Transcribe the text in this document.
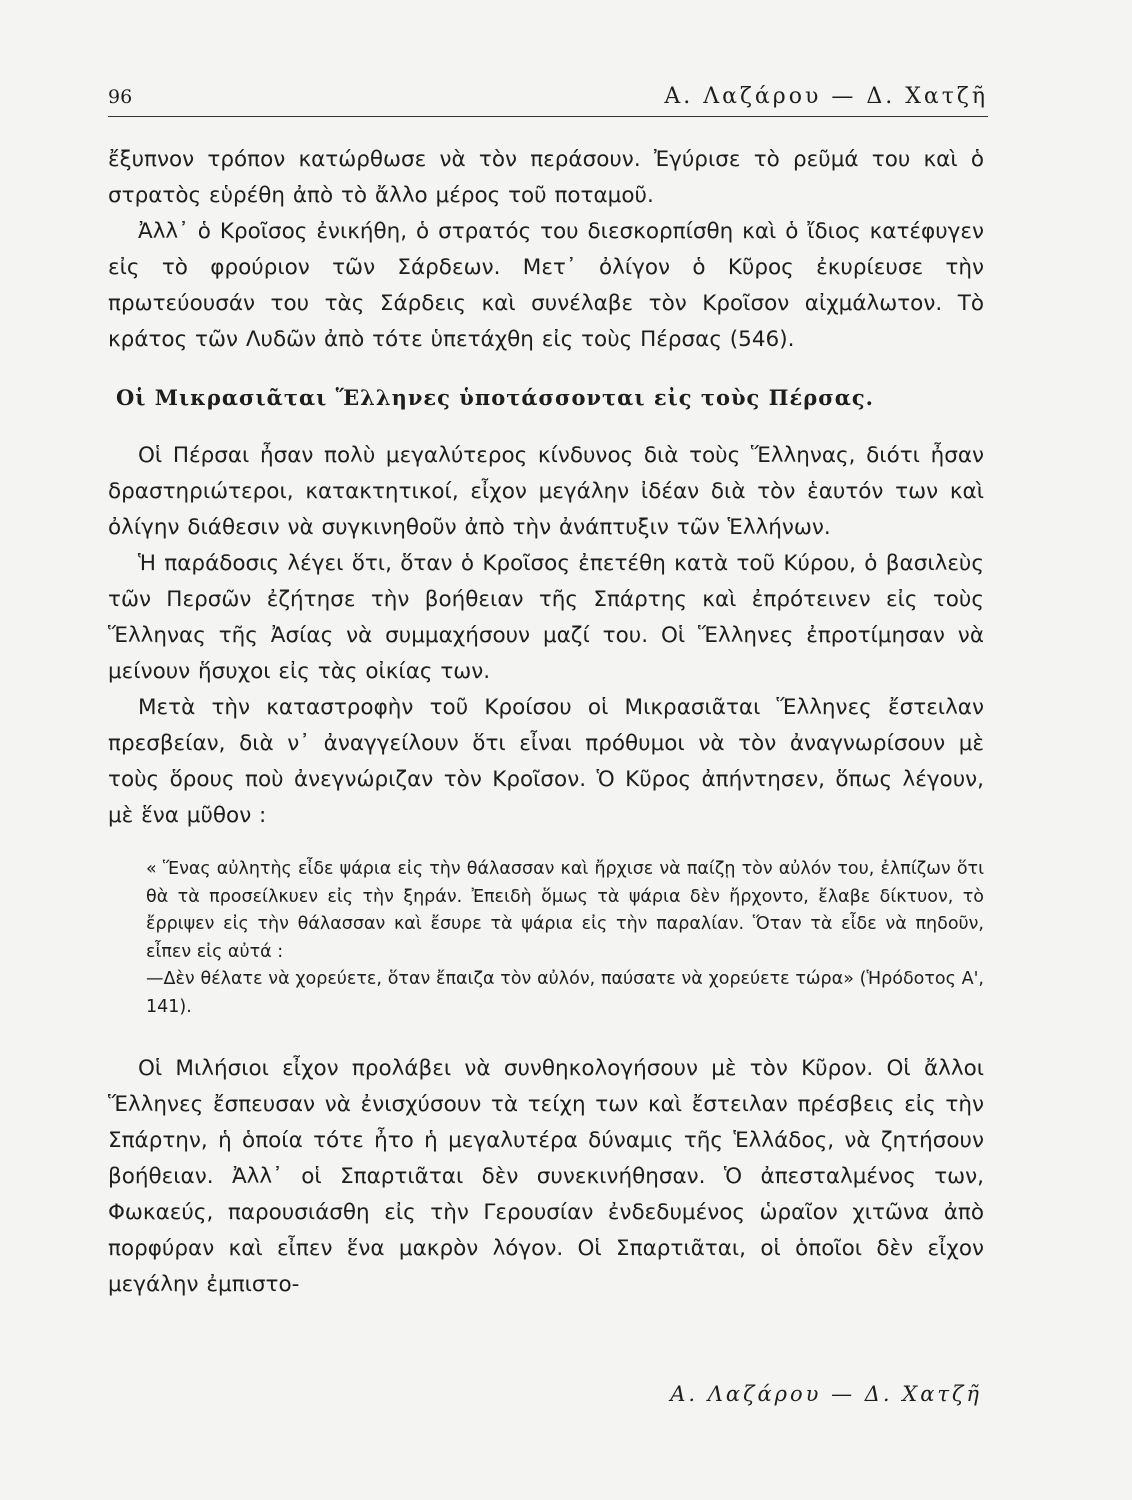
96	Α. Λαζάρου — Δ. Χατζῆ

ἔξυπνον τρόπον κατώρθωσε νὰ τὸν περάσουν. Ἐγύρισε τὸ ρεῦμά του καὶ ὁ στρατὸς εὑρέθη ἀπὸ τὸ ἄλλο μέρος τοῦ ποταμοῦ.

Ἀλλ᾽ ὁ Κροῖσος ἐνικήθη, ὁ στρατός του διεσκορπίσθη καὶ ὁ ἴδιος κατέφυγεν εἰς τὸ φρούριον τῶν Σάρδεων. Μετ᾽ ὀλίγον ὁ Κῦρος ἐκυρίευσε τὴν πρωτεύουσάν του τὰς Σάρδεις καὶ συνέλαβε τὸν Κροῖσον αἰχμάλωτον. Τὸ κράτος τῶν Λυδῶν ἀπὸ τότε ὑπετάχθη εἰς τοὺς Πέρσας (546).

Οἱ Μικρασιᾶται Ἕλληνες ὑποτάσσονται εἰς τοὺς Πέρσας.

Οἱ Πέρσαι ἦσαν πολὺ μεγαλύτερος κίνδυνος διὰ τοὺς Ἕλληνας, διότι ἦσαν δραστηριώτεροι, κατακτητικοί, εἶχον μεγάλην ἰδέαν διὰ τὸν ἑαυτόν των καὶ ὀλίγην διάθεσιν νὰ συγκινηθοῦν ἀπὸ τὴν ἀνάπτυξιν τῶν Ἑλλήνων.

Ἡ παράδοσις λέγει ὅτι, ὅταν ὁ Κροῖσος ἐπετέθη κατὰ τοῦ Κύρου, ὁ βασιλεὺς τῶν Περσῶν ἐζήτησε τὴν βοήθειαν τῆς Σπάρτης καὶ ἐπρότεινεν εἰς τοὺς Ἕλληνας τῆς Ἀσίας νὰ συμμαχήσουν μαζί του. Οἱ Ἕλληνες ἐπροτίμησαν νὰ μείνουν ἥσυχοι εἰς τὰς οἰκίας των.

Μετὰ τὴν καταστροφὴν τοῦ Κροίσου οἱ Μικρασιᾶται Ἕλληνες ἔστειλαν πρεσβείαν, διὰ ν᾽ ἀναγγείλουν ὅτι εἶναι πρόθυμοι νὰ τὸν ἀναγνωρίσουν μὲ τοὺς ὅρους ποὺ ἀνεγνώριζαν τὸν Κροῖσον. Ὁ Κῦρος ἀπήντησεν, ὅπως λέγουν, μὲ ἕνα μῦθον :

« Ἕνας αὐλητὴς εἶδε ψάρια εἰς τὴν θάλασσαν καὶ ἤρχισε νὰ παίζῃ τὸν αὐλόν του, ἐλπίζων ὅτι θὰ τὰ προσείλκυεν εἰς τὴν ξηράν. Ἐπειδὴ ὅμως τὰ ψάρια δὲν ἤρχοντο, ἔλαβε δίκτυον, τὸ ἔρριψεν εἰς τὴν θάλασσαν καὶ ἔσυρε τὰ ψάρια εἰς τὴν παραλίαν. Ὅταν τὰ εἶδε νὰ πηδοῦν, εἶπεν εἰς αὐτά :

—Δὲν θέλατε νὰ χορεύετε, ὅταν ἔπαιζα τὸν αὐλόν, παύσατε νὰ χορεύετε τώρα» (Ἡρόδοτος Α', 141).

Οἱ Μιλήσιοι εἶχον προλάβει νὰ συνθηκολογήσουν μὲ τὸν Κῦρον. Οἱ ἄλλοι Ἕλληνες ἔσπευσαν νὰ ἐνισχύσουν τὰ τείχη των καὶ ἔστειλαν πρέσβεις εἰς τὴν Σπάρτην, ἡ ὁποία τότε ἦτο ἡ μεγαλυτέρα δύναμις τῆς Ἑλλάδος, νὰ ζητήσουν βοήθειαν. Ἀλλ᾽ οἱ Σπαρτιᾶται δὲν συνεκινήθησαν. Ὁ ἀπεσταλμένος των, Φωκαεύς, παρουσιάσθη εἰς τὴν Γερουσίαν ἐνδεδυμένος ὡραῖον χιτῶνα ἀπὸ πορφύραν καὶ εἶπεν ἕνα μακρὸν λόγον. Οἱ Σπαρτιᾶται, οἱ ὁποῖοι δὲν εἶχον μεγάλην ἐμπιστο-

Α. Λαζάρου — Δ. Χατζῆ
